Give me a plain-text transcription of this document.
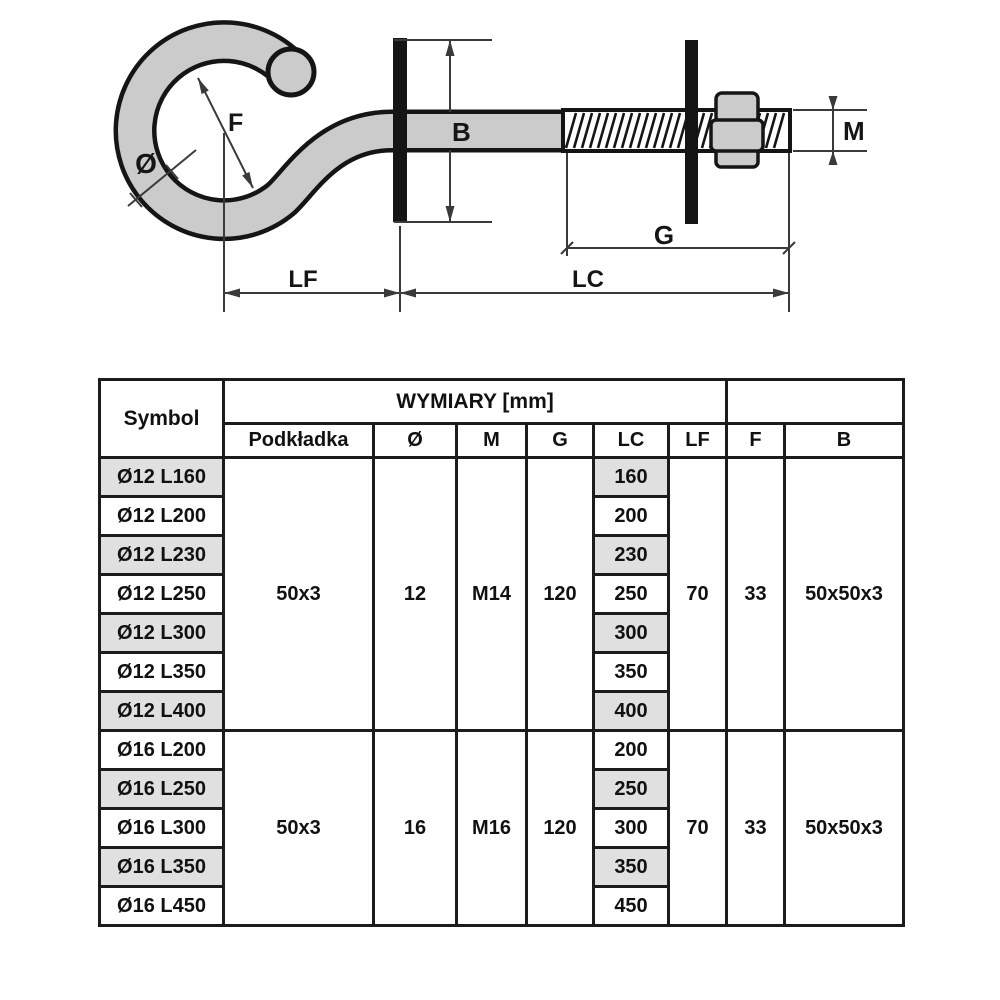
B	M
F
Ø
G
LF	LC
Symbol	WYMIARY [mm]							
	Podkładka	Ø	M	G	LC	LF	F	B
Ø12 L160	50x3	12	M14	120	160	70	33	50x50x3
Ø12 L200					200			
Ø12 L230					230			
Ø12 L250					250			
Ø12 L300					300			
Ø12 L350					350			
Ø12 L400					400			
Ø16 L200	50x3	16	M16	120	200	70	33	50x50x3
Ø16 L250					250			
Ø16 L300					300			
Ø16 L350					350			
Ø16 L450					450			
